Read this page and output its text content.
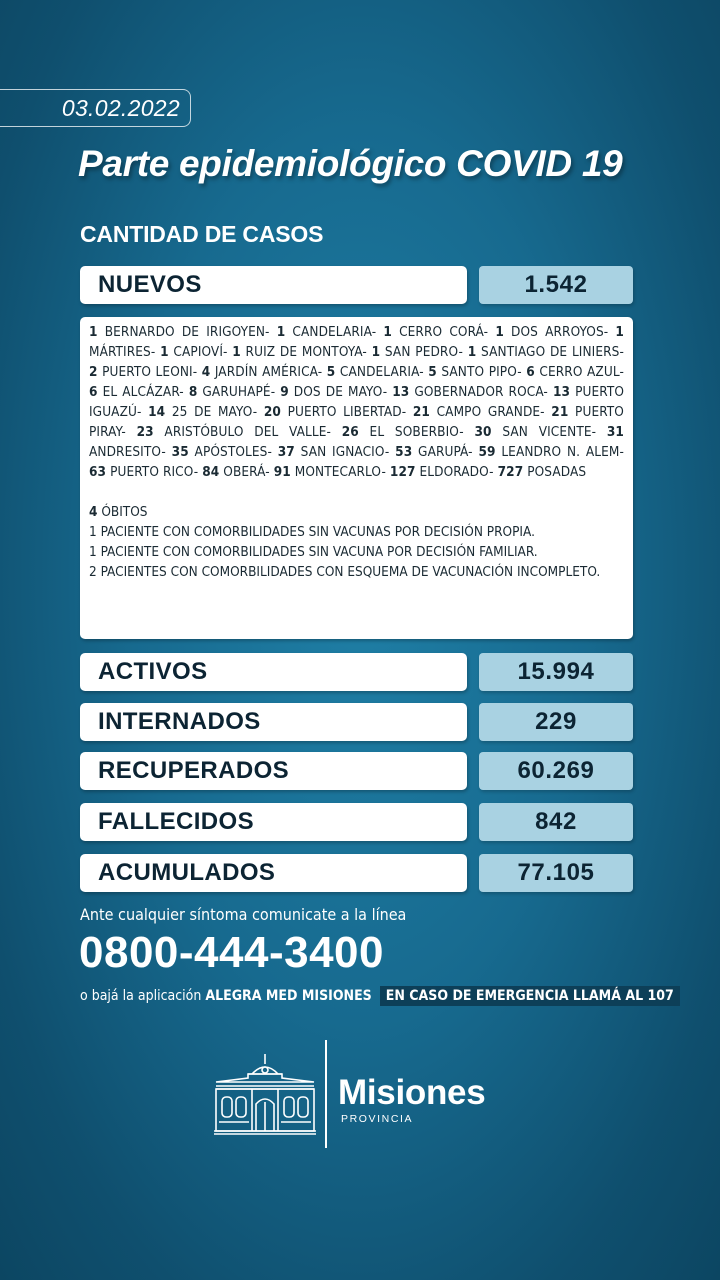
03.02.2022
Parte epidemiológico COVID 19
CANTIDAD DE CASOS
NUEVOS	1.542
1 BERNARDO DE IRIGOYEN- 1 CANDELARIA- 1 CERRO CORÁ- 1 DOS ARROYOS- 1 MÁRTIRES- 1 CAPIOVÍ- 1 RUIZ DE MONTOYA- 1 SAN PEDRO- 1 SANTIAGO DE LINIERS- 2 PUERTO LEONI- 4 JARDÍN AMÉRICA- 5 CANDELARIA- 5 SANTO PIPO- 6 CERRO AZUL- 6 EL ALCÁZAR- 8 GARUHAPÉ- 9 DOS DE MAYO- 13 GOBERNADOR ROCA- 13 PUERTO IGUAZÚ- 14 25 DE MAYO- 20 PUERTO LIBERTAD- 21 CAMPO GRANDE- 21 PUERTO PIRAY- 23 ARISTÓBULO DEL VALLE- 26 EL SOBERBIO- 30 SAN VICENTE- 31 ANDRESITO- 35 APÓSTOLES- 37 SAN IGNACIO- 53 GARUPÁ- 59 LEANDRO N. ALEM- 63 PUERTO RICO- 84 OBERÁ- 91 MONTECARLO- 127 ELDORADO- 727 POSADAS
4 ÓBITOS
1 PACIENTE CON COMORBILIDADES SIN VACUNAS POR DECISIÓN PROPIA.
1 PACIENTE CON COMORBILIDADES SIN VACUNA POR DECISIÓN FAMILIAR.
2 PACIENTES CON COMORBILIDADES CON ESQUEMA DE VACUNACIÓN INCOMPLETO.
ACTIVOS	15.994
INTERNADOS	229
RECUPERADOS	60.269
FALLECIDOS	842
ACUMULADOS	77.105
Ante cualquier síntoma comunicate a la línea
0800-444-3400
o bajá la aplicación ALEGRA MED MISIONES EN CASO DE EMERGENCIA LLAMÁ AL 107
Misiones
PROVINCIA
